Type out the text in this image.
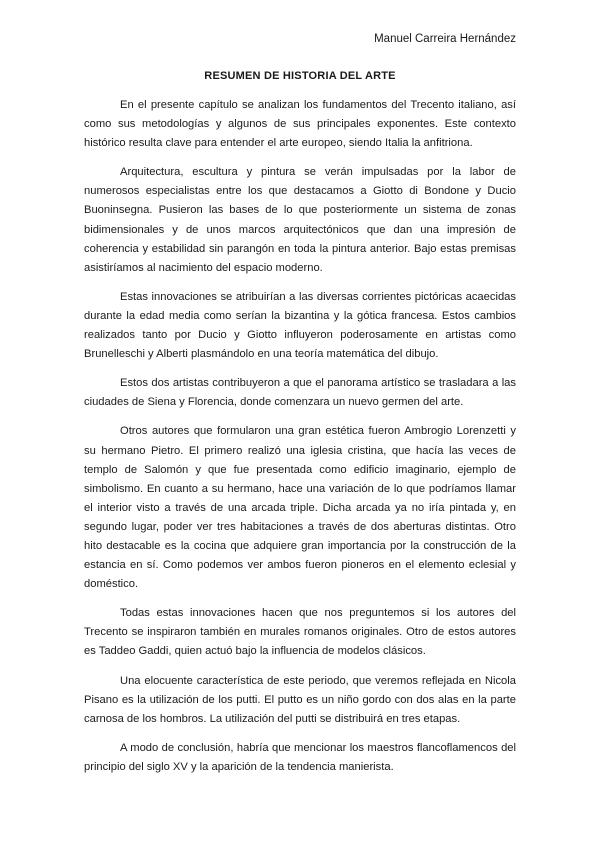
Manuel Carreira Hernández
RESUMEN DE HISTORIA DEL ARTE

En el presente capítulo se analizan los fundamentos del Trecento italiano, así como sus metodologías y algunos de sus principales exponentes. Este contexto histórico resulta clave para entender el arte europeo, siendo Italia la anfitriona.

Arquitectura, escultura y pintura se verán impulsadas por la labor de numerosos especialistas entre los que destacamos a Giotto di Bondone y Ducio Buoninsegna. Pusieron las bases de lo que posteriormente un sistema de zonas bidimensionales y de unos marcos arquitectónicos que dan una impresión de coherencia y estabilidad sin parangón en toda la pintura anterior. Bajo estas premisas asistiríamos al nacimiento del espacio moderno.

Estas innovaciones se atribuirían a las diversas corrientes pictóricas acaecidas durante la edad media como serían la bizantina y la gótica francesa. Estos cambios realizados tanto por Ducio y Giotto influyeron poderosamente en artistas como Brunelleschi y Alberti plasmándolo en una teoría matemática del dibujo.

Estos dos artistas contribuyeron a que el panorama artístico se trasladara a las ciudades de Siena y Florencia, donde comenzara un nuevo germen del arte.

Otros autores que formularon una gran estética fueron Ambrogio Lorenzetti y su hermano Pietro. El primero realizó una iglesia cristina, que hacía las veces de templo de Salomón y que fue presentada como edificio imaginario, ejemplo de simbolismo. En cuanto a su hermano, hace una variación de lo que podríamos llamar el interior visto a través de una arcada triple. Dicha arcada ya no iría pintada y, en segundo lugar, poder ver tres habitaciones a través de dos aberturas distintas. Otro hito destacable es la cocina que adquiere gran importancia por la construcción de la estancia en sí. Como podemos ver ambos fueron pioneros en el elemento eclesial y doméstico.

Todas estas innovaciones hacen que nos preguntemos si los autores del Trecento se inspiraron también en murales romanos originales. Otro de estos autores es Taddeo Gaddi, quien actuó bajo la influencia de modelos clásicos.

Una elocuente característica de este periodo, que veremos reflejada en Nicola Pisano es la utilización de los putti. El putto es un niño gordo con dos alas en la parte carnosa de los hombros. La utilización del putti se distribuirá en tres etapas.

A modo de conclusión, habría que mencionar los maestros flancoflamencos del principio del siglo XV y la aparición de la tendencia manierista.
